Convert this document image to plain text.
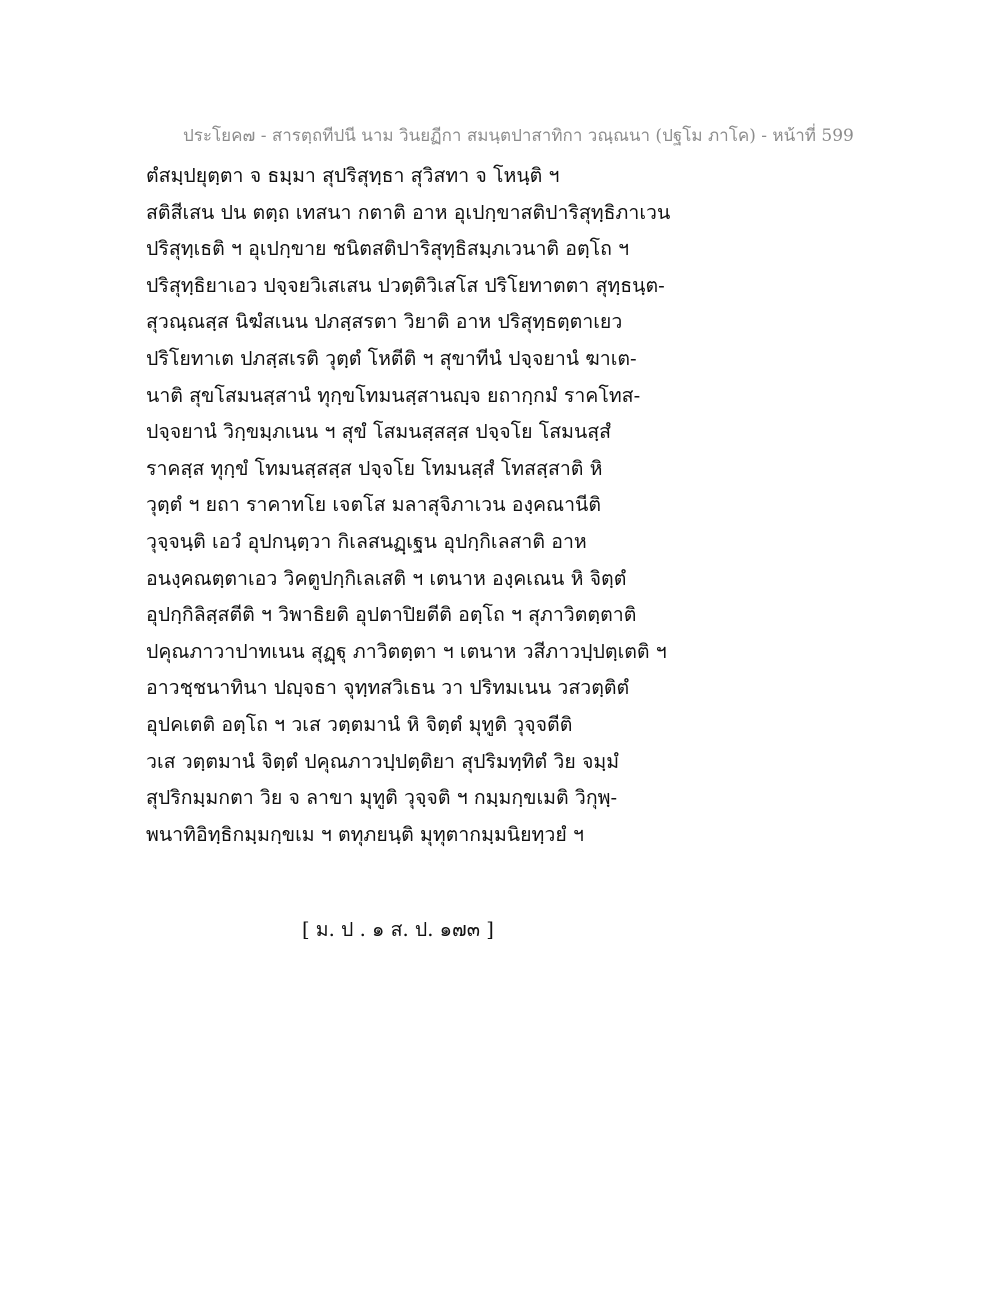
ประโยค๗ - สารตฺถทีปนี นาม วินยฏีกา สมนฺตปาสาทิกา วณฺณนา (ปฐโม ภาโค) - หน้าที่ 599
ตํสมฺปยุตฺตา จ ธมฺมา สุปริสุทฺธา สุวิสทา จ โหนฺติ ฯ
สติสีเสน ปน ตตฺถ เทสนา กตาติ อาห อุเปกฺขาสติปาริสุทฺธิภาเวน
ปริสุทฺเธติ ฯ อุเปกฺขาย ชนิตสติปาริสุทฺธิสมฺภเวนาติ อตฺโถ ฯ
ปริสุทฺธิยาเอว ปจฺจยวิเสเสน ปวตฺติวิเสโส ปริโยทาตตา สุทฺธนฺต-
สุวณฺณสฺส นิฆํสเนน ปภสฺสรตา วิยาติ อาห ปริสุทฺธตฺตาเยว
ปริโยทาเต ปภสฺสเรติ วุตฺตํ โหตีติ ฯ สุขาทีนํ ปจฺจยานํ ฆาเต-
นาติ สุขโสมนสฺสานํ ทุกฺขโทมนสฺสานญฺจ ยถากฺกมํ ราคโทส-
ปจฺจยานํ วิกฺขมฺภเนน ฯ สุขํ โสมนสฺสสฺส ปจฺจโย โสมนสฺสํ
ราคสฺส ทุกฺขํ โทมนสฺสสฺส ปจฺจโย โทมนสฺสํ โทสสฺสาติ หิ
วุตฺตํ ฯ ยถา ราคาทโย เจตโส มลาสุจิภาเวน องฺคณานีติ
วุจฺจนฺติ เอวํ อุปกนฺตฺวา กิเลสนฏฺเฐน อุปกฺกิเลสาติ อาห
อนงฺคณตฺตาเอว วิคตูปกฺกิเลเสติ ฯ เตนาห องฺคเณน หิ จิตฺตํ
อุปกฺกิลิสฺสตีติ ฯ วิพาธิยติ อุปตาปิยตีติ อตฺโถ ฯ สุภาวิตตฺตาติ
ปคุณภาวาปาทเนน สุฏฺฐุ ภาวิตตฺตา ฯ เตนาห วสีภาวปฺปตฺเตติ ฯ
อาวชฺชนาทินา ปญฺจธา จุทฺทสวิเธน วา ปริทมเนน วสวตฺติตํ
อุปคเตติ อตฺโถ ฯ วเส วตฺตมานํ หิ จิตฺตํ มุทูติ วุจฺจตีติ
วเส วตฺตมานํ จิตฺตํ ปคุณภาวปฺปตฺติยา สุปริมทฺทิตํ วิย จมฺมํ
สุปริกมฺมกตา วิย จ ลาขา มุทูติ วุจฺจติ ฯ กมฺมกฺขเมติ วิกุพฺ-
พนาทิอิทฺธิกมฺมกฺขเม ฯ ตทุภยนฺติ มุทุตากมฺมนิยทฺวยํ ฯ
[ ม. ป . ๑ ส. ป. ๑๗๓ ]
